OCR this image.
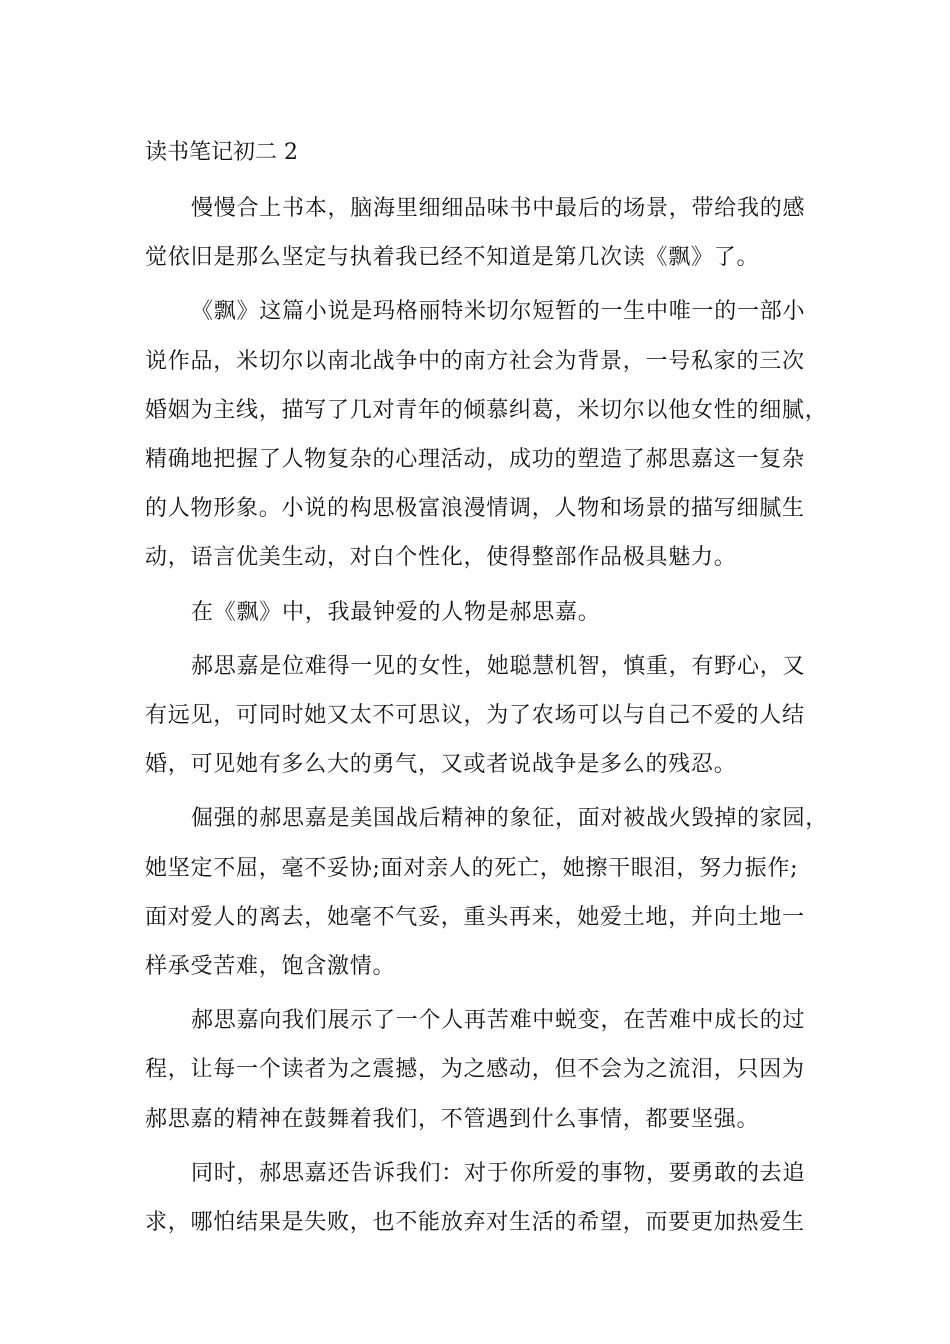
读书笔记初二 2

慢慢合上书本，脑海里细细品味书中最后的场景，带给我的感
觉依旧是那么坚定与执着我已经不知道是第几次读《飘》了。

《飘》这篇小说是玛格丽特米切尔短暂的一生中唯一的一部小
说作品，米切尔以南北战争中的南方社会为背景，一号私家的三次
婚姻为主线，描写了几对青年的倾慕纠葛，米切尔以他女性的细腻，
精确地把握了人物复杂的心理活动，成功的塑造了郝思嘉这一复杂
的人物形象。小说的构思极富浪漫情调，人物和场景的描写细腻生
动，语言优美生动，对白个性化，使得整部作品极具魅力。

在《飘》中，我最钟爱的人物是郝思嘉。

郝思嘉是位难得一见的女性，她聪慧机智，慎重，有野心，又
有远见，可同时她又太不可思议，为了农场可以与自己不爱的人结
婚，可见她有多么大的勇气，又或者说战争是多么的残忍。

倔强的郝思嘉是美国战后精神的象征，面对被战火毁掉的家园，
她坚定不屈，毫不妥协;面对亲人的死亡，她擦干眼泪，努力振作;
面对爱人的离去，她毫不气妥，重头再来，她爱土地，并向土地一
样承受苦难，饱含激情。

郝思嘉向我们展示了一个人再苦难中蜕变，在苦难中成长的过
程，让每一个读者为之震撼，为之感动，但不会为之流泪，只因为
郝思嘉的精神在鼓舞着我们，不管遇到什么事情，都要坚强。

同时，郝思嘉还告诉我们：对于你所爱的事物，要勇敢的去追
求，哪怕结果是失败，也不能放弃对生活的希望，而要更加热爱生
